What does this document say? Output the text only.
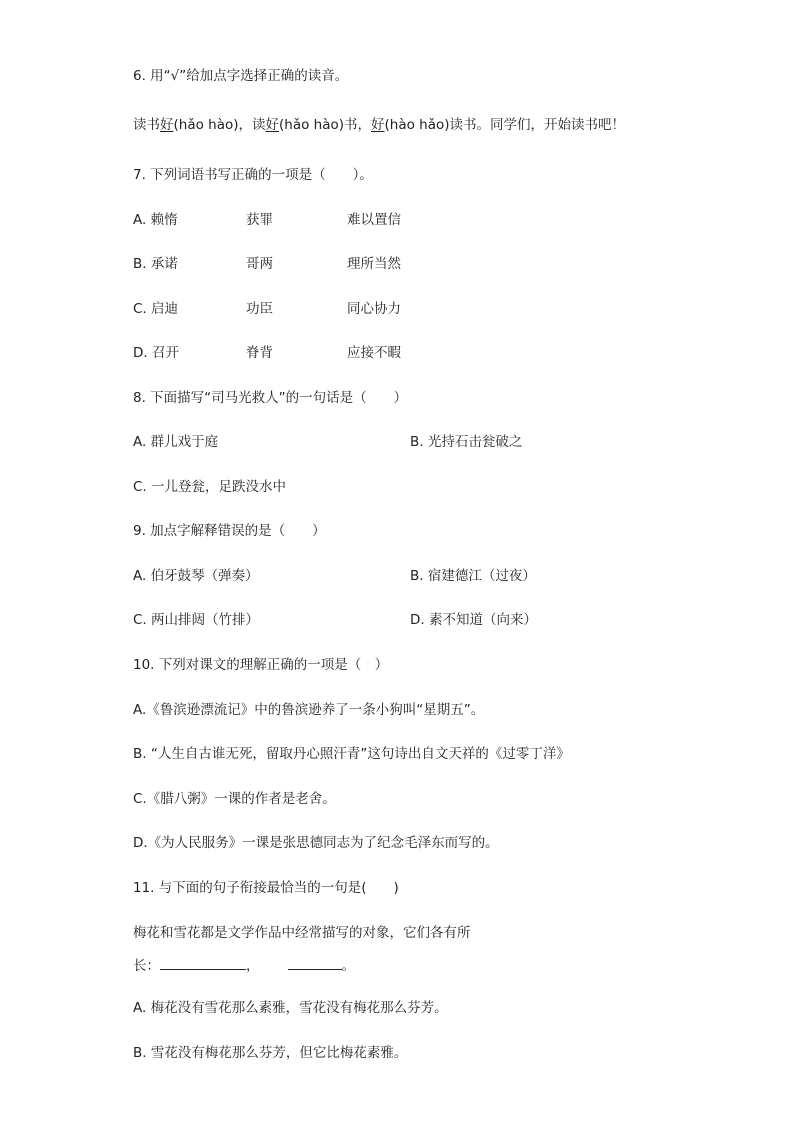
6. 用“√”给加点字选择正确的读音。
读书好(hǎo hào)，读好(hǎo hào)书，好(hào hǎo)读书。同学们，开始读书吧！
7. 下列词语书写正确的一项是（　　）。
A. 赖惰	获罪	难以置信
B. 承诺	哥两	理所当然
C. 启迪	功臣	同心协力
D. 召开	脊背	应接不暇
8. 下面描写“司马光救人”的一句话是（　　）
A. 群儿戏于庭	B. 光持石击瓮破之
C. 一儿登瓮，足跌没水中
9. 加点字解释错误的是（　　）
A. 伯牙鼓琴（弹奏）	B. 宿建德江（过夜）
C. 两山排闼（竹排）	D. 素不知道（向来）
10. 下列对课文的理解正确的一项是（　）
A.《鲁滨逊漂流记》中的鲁滨逊养了一条小狗叫“星期五”。
B. “人生自古谁无死，留取丹心照汗青”这句诗出自文天祥的《过零丁洋》
C.《腊八粥》一课的作者是老舍。
D.《为人民服务》一课是张思德同志为了纪念毛泽东而写的。
11. 与下面的句子衔接最恰当的一句是(　　)
梅花和雪花都是文学作品中经常描写的对象，它们各有所
长：	，	。
A. 梅花没有雪花那么素雅，雪花没有梅花那么芬芳。
B. 雪花没有梅花那么芬芳，但它比梅花素雅。
